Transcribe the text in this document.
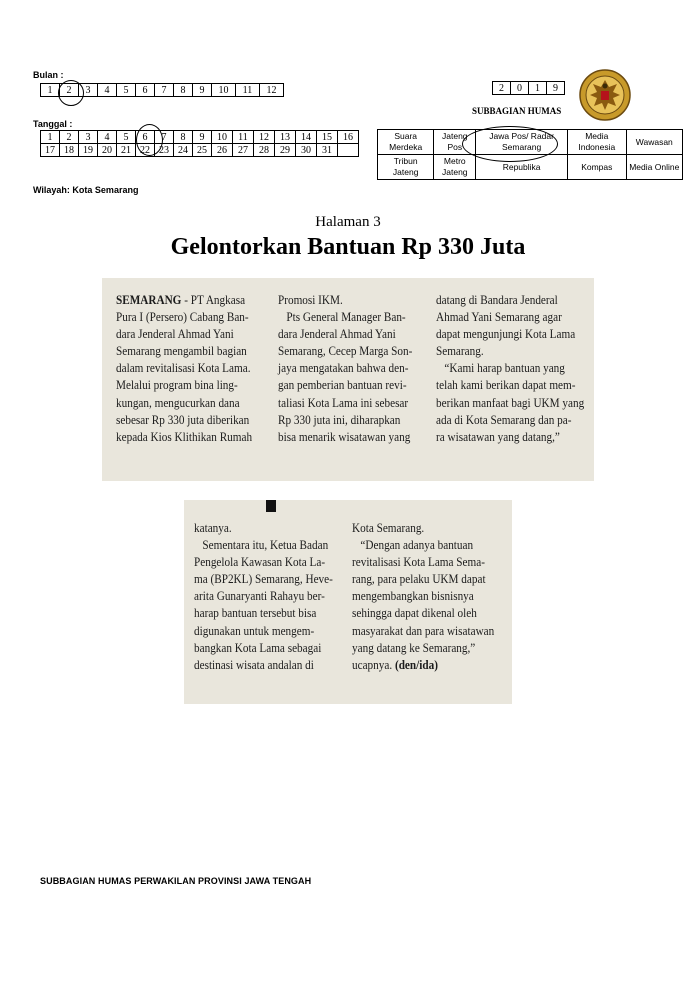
Bulan :
1	2	3	4	5	6	7	8	9	10	11	12
Tanggal :
1	2	3	4	5	6	7	8	9	10	11	12	13	14	15	16
17	18	19	20	21	22	23	24	25	26	27	28	29	30	31	
Wilayah: Kota Semarang
2	0	1	9
SUBBAGIAN HUMAS
Suara Merdeka	Jateng Pos	Jawa Pos/ Radar Semarang	Media Indonesia	Wawasan
Tribun Jateng	Metro Jateng	Republika	Kompas	Media Online
Halaman 3
Gelontorkan Bantuan Rp 330 Juta
SEMARANG - PT Angkasa
Pura I (Persero) Cabang Ban-
dara Jenderal Ahmad Yani
Semarang mengambil bagian
dalam revitalisasi Kota Lama.
Melalui program bina ling-
kungan, mengucurkan dana
sebesar Rp 330 juta diberikan
kepada Kios Klithikan Rumah
Promosi IKM.
Pts General Manager Ban-
dara Jenderal Ahmad Yani
Semarang, Cecep Marga Son-
jaya mengatakan bahwa den-
gan pemberian bantuan revi-
taliasi Kota Lama ini sebesar
Rp 330 juta ini, diharapkan
bisa menarik wisatawan yang
datang di Bandara Jenderal
Ahmad Yani Semarang agar
dapat mengunjungi Kota Lama
Semarang.
“Kami harap bantuan yang
telah kami berikan dapat mem-
berikan manfaat bagi UKM yang
ada di Kota Semarang dan pa-
ra wisatawan yang datang,”
katanya.
Sementara itu, Ketua Badan
Pengelola Kawasan Kota La-
ma (BP2KL) Semarang, Heve-
arita Gunaryanti Rahayu ber-
harap bantuan tersebut bisa
digunakan untuk mengem-
bangkan Kota Lama sebagai
destinasi wisata andalan di
Kota Semarang.
“Dengan adanya bantuan
revitalisasi Kota Lama Sema-
rang, para pelaku UKM dapat
mengembangkan bisnisnya
sehingga dapat dikenal oleh
masyarakat dan para wisatawan
yang datang ke Semarang,”
ucapnya. (den/ida)
SUBBAGIAN HUMAS PERWAKILAN PROVINSI JAWA TENGAH
